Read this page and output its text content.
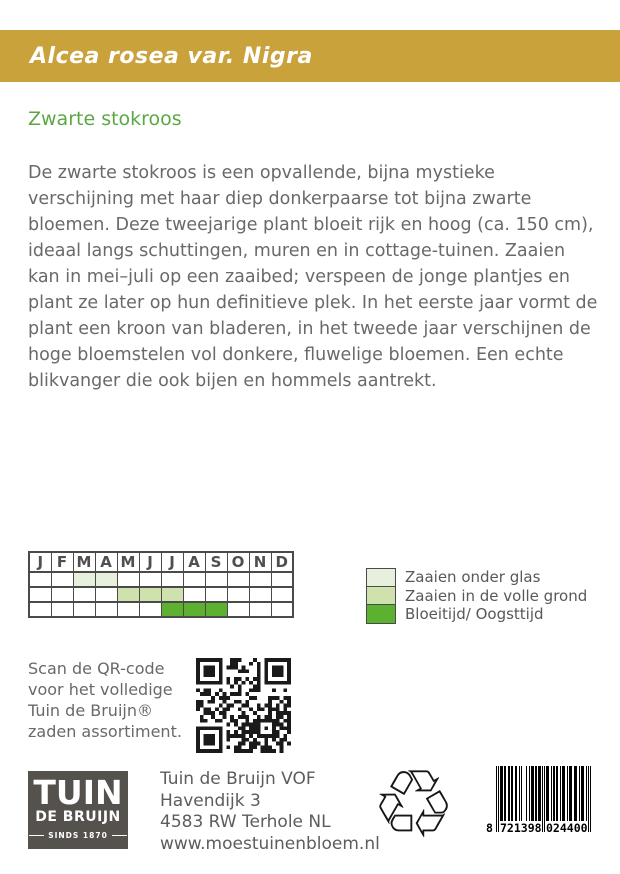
Alcea rosea var. Nigra
Zwarte stokroos
De zwarte stokroos is een opvallende, bijna mystieke verschijning met haar diep donkerpaarse tot bijna zwarte bloemen. Deze tweejarige plant bloeit rijk en hoog (ca. 150 cm), ideaal langs schuttingen, muren en in cottage-tuinen. Zaaien kan in mei–juli op een zaaibed; verspeen de jonge plantjes en plant ze later op hun definitieve plek. In het eerste jaar vormt de plant een kroon van bladeren, in het tweede jaar verschijnen de hoge bloemstelen vol donkere, fluwelige bloemen. Een echte blikvanger die ook bijen en hommels aantrekt.
J	F	M	A	M	J	J	A	S	O	N	D

Zaaien onder glas
Zaaien in de volle grond
Bloeitijd/ Oogsttijd
Scan de QR-code
voor het volledige
Tuin de Bruijn®
zaden assortiment.
TUIN
DE BRUIJN
SINDS 1870
Tuin de Bruijn VOF
Havendijk 3
4583 RW Terhole NL
www.moestuinenbloem.nl
♲	8 721398 024400
